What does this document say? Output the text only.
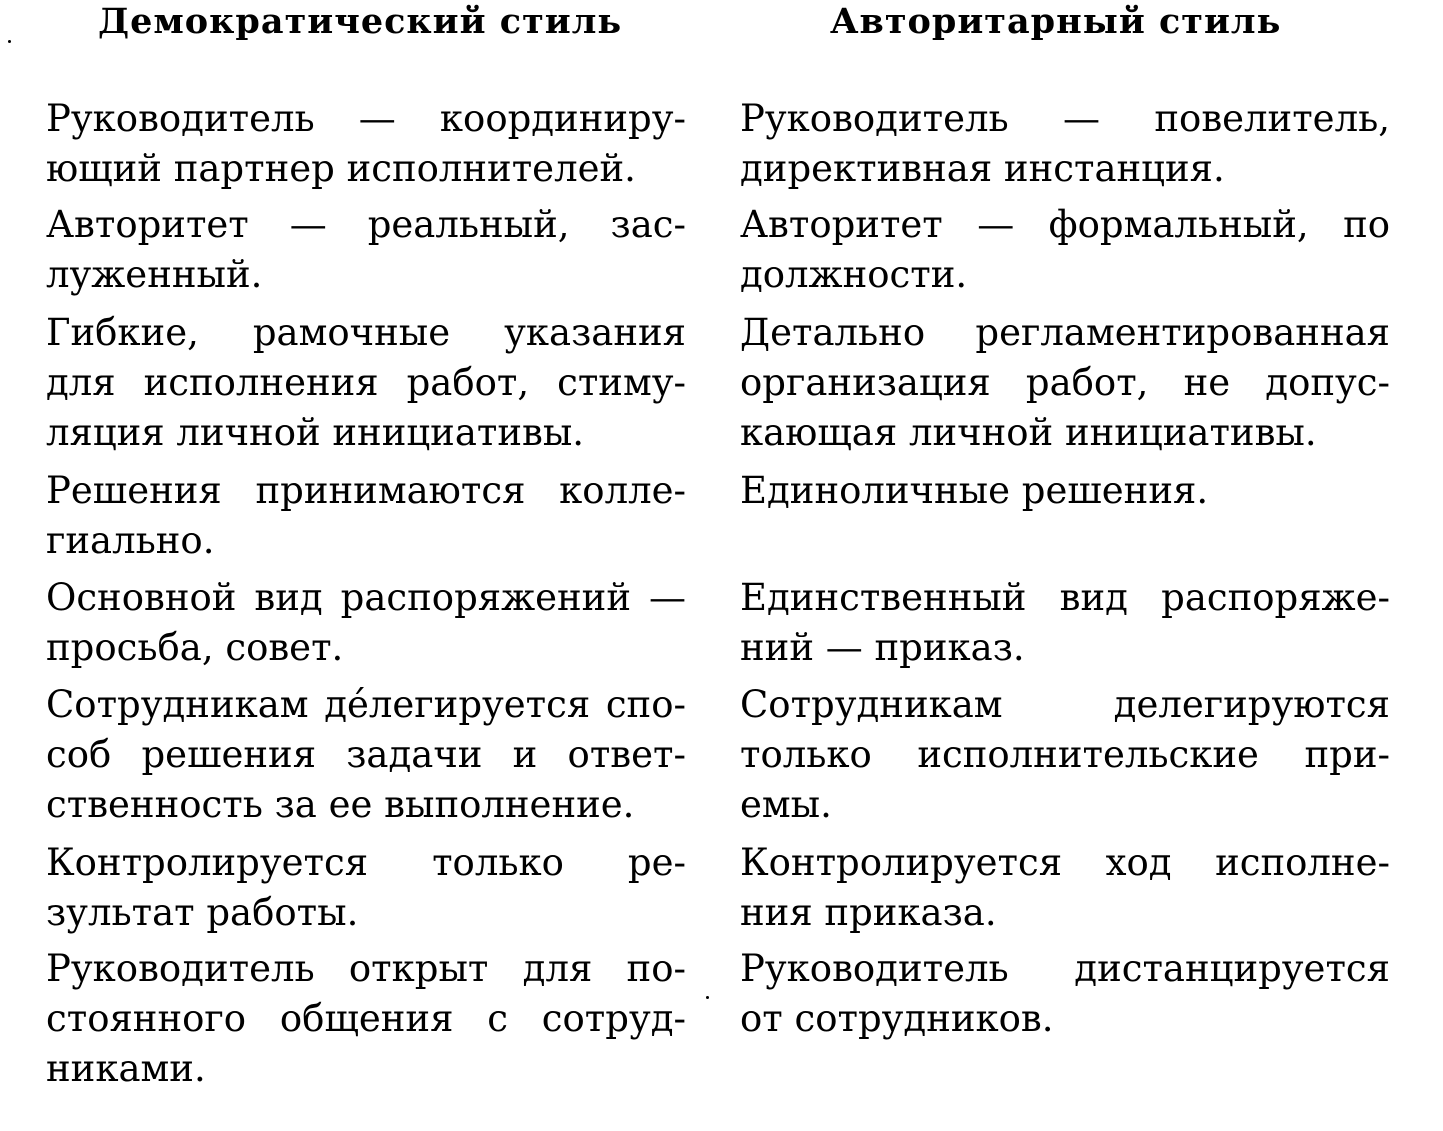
Демократический стиль	Авторитарный стиль
Руководитель — координиру-
ющий партнер исполнителей.
Авторитет — реальный, зас-
луженный.
Гибкие, рамочные указания
для исполнения работ, стиму-
ляция личной инициативы.
Решения принимаются колле-
гиально.
Основной вид распоряжений —
просьба, совет.
Сотрудникам де́легируется спо-
соб решения задачи и ответ-
ственность за ее выполнение.
Контролируется только ре-
зультат работы.
Руководитель открыт для по-
стоянного общения с сотруд-
никами.
Руководитель — повелитель,
директивная инстанция.
Авторитет — формальный, по
должности.
Детально регламентированная
организация работ, не допус-
кающая личной инициативы.
Единоличные решения.
Единственный вид распоряже-
ний — приказ.
Сотрудникам делегируются
только исполнительские при-
емы.
Контролируется ход исполне-
ния приказа.
Руководитель дистанцируется
от сотрудников.
